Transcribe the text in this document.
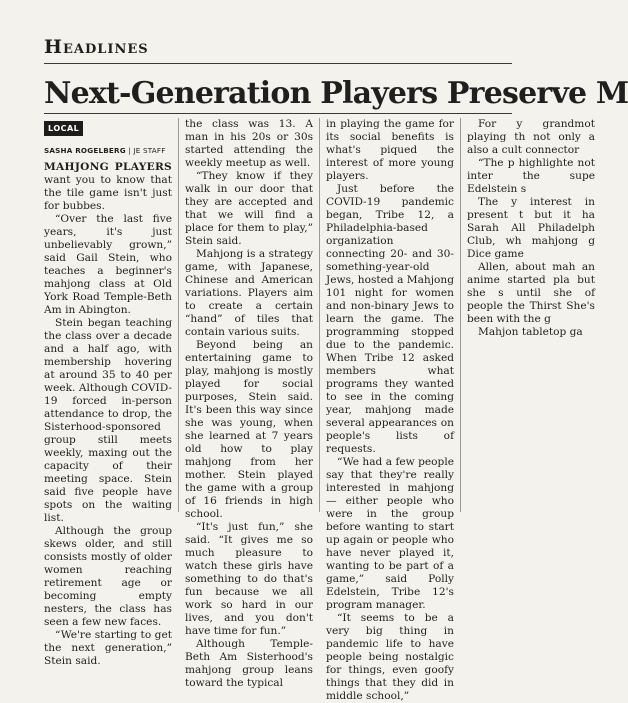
Headlines
Next-Generation Players Preserve M
LOCAL
SASHA ROGELBERG | JE STAFF

MAHJONG PLAYERS want you to know that the tile game isn't just for bubbes.

“Over the last five years, it's just unbelievably grown,” said Gail Stein, who teaches a beginner's mahjong class at Old York Road Temple-Beth Am in Abington.

Stein began teaching the class over a decade and a half ago, with membership hovering at around 35 to 40 per week. Although COVID-19 forced in-person attendance to drop, the Sisterhood-sponsored group still meets weekly, maxing out the capacity of their meeting space. Stein said five people have spots on the waiting list.

Although the group skews older, and still consists mostly of older women reaching retirement age or becoming empty nesters, the class has seen a few new faces.

“We're starting to get the next generation,” Stein said.

the class was 13. A man in his 20s or 30s started attending the weekly meetup as well.

“They know if they walk in our door that they are accepted and that we will find a place for them to play,” Stein said.

Mahjong is a strategy game, with Japanese, Chinese and American variations. Players aim to create a certain “hand” of tiles that contain various suits.

Beyond being an entertaining game to play, mahjong is mostly played for social purposes, Stein said. It's been this way since she was young, when she learned at 7 years old how to play mahjong from her mother. Stein played the game with a group of 16 friends in high school.

“It's just fun,” she said. “It gives me so much pleasure to watch these girls have something to do that's fun because we all work so hard in our lives, and you don't have time for fun.”

Although Temple-Beth Am Sisterhood's mahjong group leans toward the typical

in playing the game for its social benefits is what's piqued the interest of more young players.

Just before the COVID-19 pandemic began, Tribe 12, a Philadelphia-based organization connecting 20- and 30-something-year-old Jews, hosted a Mahjong 101 night for women and non-binary Jews to learn the game. The programming stopped due to the pandemic. When Tribe 12 asked members what programs they wanted to see in the coming year, mahjong made several appearances on people's lists of requests.

“We had a few people say that they're really interested in mahjong — either people who were in the group before wanting to start up again or people who have never played it, wanting to be part of a game,” said Polly Edelstein, Tribe 12's program manager.

“It seems to be a very big thing in pandemic life to have people being nostalgic for things, even goofy things that they did in middle school,”

For y grandmot playing th not only a also a cult connector

“The p highlighte not inter the supe Edelstein s

The y interest in present t but it ha Sarah All Philadelph Club, wh mahjong g Dice game

Allen, about mah an anime started pla but she s until she of people the Thirst She's been with the g

Mahjon tabletop ga
